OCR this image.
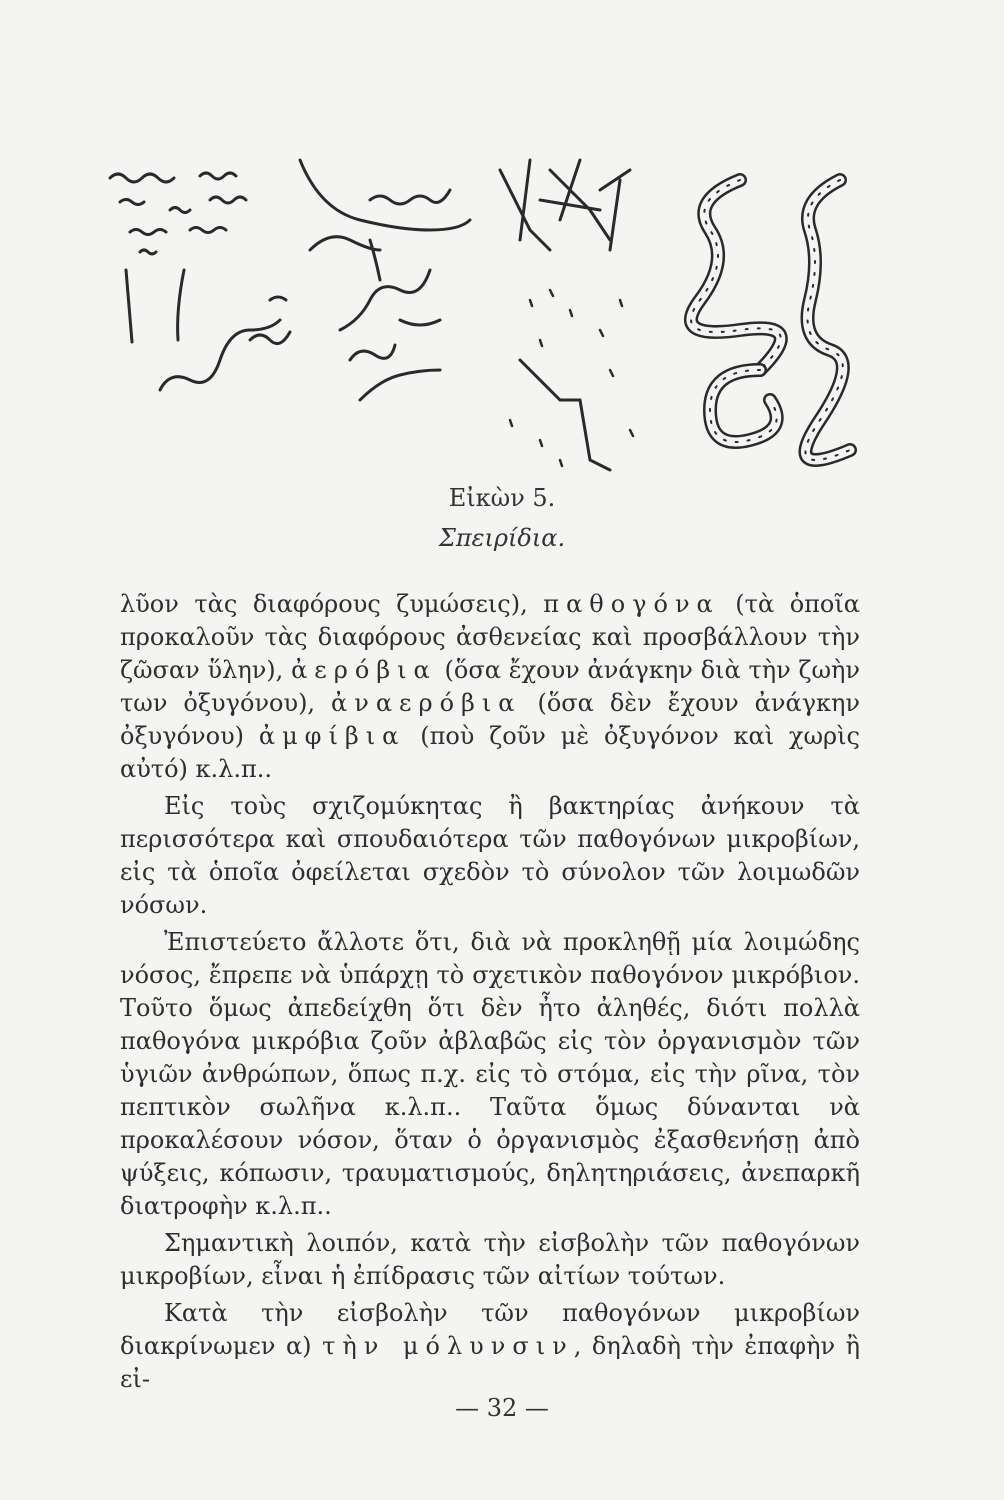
Εἰκὼν 5.
Σπειρίδια.

λῦον τὰς διαφόρους ζυμώσεις), παθογόνα (τὰ ὁποῖα προκαλοῦν τὰς διαφόρους ἀσθενείας καὶ προσβάλλουν τὴν ζῶσαν ὕλην), ἀερόβια (ὅσα ἔχουν ἀνάγκην διὰ τὴν ζωὴν των ὀξυγόνου), ἀναερόβια (ὅσα δὲν ἔχουν ἀνάγκην ὀξυγόνου) ἀμφίβια (ποὺ ζοῦν μὲ ὀξυγόνον καὶ χωρὶς αὐτό) κ.λ.π..

Εἰς τοὺς σχιζομύκητας ἢ βακτηρίας ἀνήκουν τὰ περισσότερα καὶ σπουδαιότερα τῶν παθογόνων μικροβίων, εἰς τὰ ὁποῖα ὀφείλεται σχεδὸν τὸ σύνολον τῶν λοιμωδῶν νόσων.

Ἐπιστεύετο ἄλλοτε ὅτι, διὰ νὰ προκληθῇ μία λοιμώδης νόσος, ἔπρεπε νὰ ὑπάρχῃ τὸ σχετικὸν παθογόνον μικρόβιον. Τοῦτο ὅμως ἀπεδείχθη ὅτι δὲν ἦτο ἀληθές, διότι πολλὰ παθογόνα μικρόβια ζοῦν ἀβλαβῶς εἰς τὸν ὀργανισμὸν τῶν ὑγιῶν ἀνθρώπων, ὅπως π.χ. εἰς τὸ στόμα, εἰς τὴν ρῖνα, τὸν πεπτικὸν σωλῆνα κ.λ.π.. Ταῦτα ὅμως δύνανται νὰ προκαλέσουν νόσον, ὅταν ὁ ὀργανισμὸς ἐξασθενήσῃ ἀπὸ ψύξεις, κόπωσιν, τραυματισμούς, δηλητηριάσεις, ἀνεπαρκῆ διατροφὴν κ.λ.π..

Σημαντικὴ λοιπόν, κατὰ τὴν εἰσβολὴν τῶν παθογόνων μικροβίων, εἶναι ἡ ἐπίδρασις τῶν αἰτίων τούτων.

Κατὰ τὴν εἰσβολὴν τῶν παθογόνων μικροβίων διακρίνωμεν α) τὴν μόλυνσιν, δηλαδὴ τὴν ἐπαφὴν ἢ εἰ-

— 32 —
